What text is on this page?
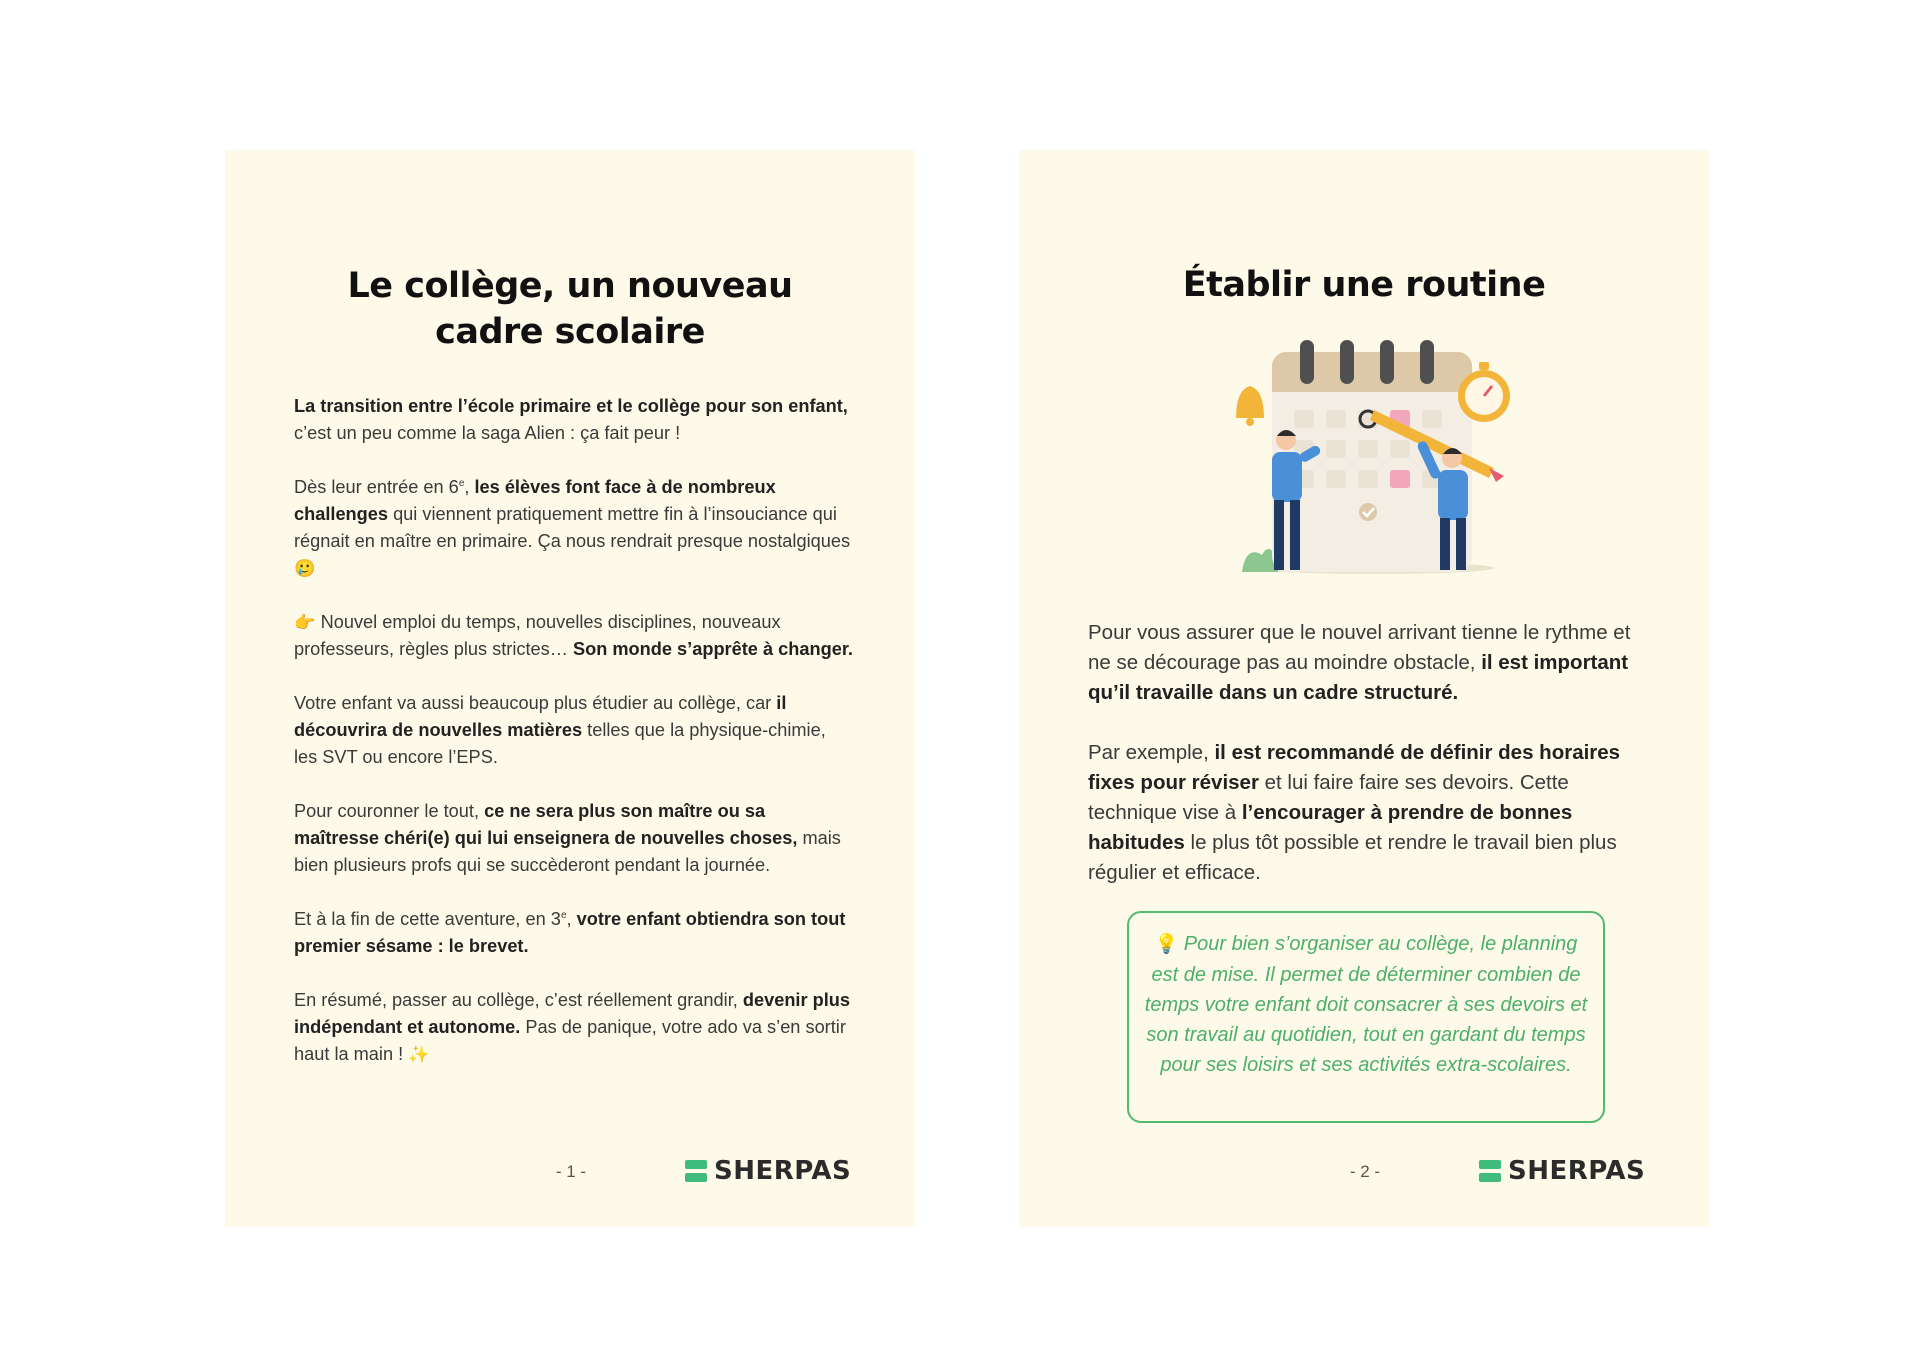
Le collège, un nouveau cadre scolaire

La transition entre l’école primaire et le collège pour son enfant, c’est un peu comme la saga Alien : ça fait peur !

Dès leur entrée en 6e, les élèves font face à de nombreux challenges qui viennent pratiquement mettre fin à l’insouciance qui régnait en maître en primaire. Ça nous rendrait presque nostalgiques 🥲

👉 Nouvel emploi du temps, nouvelles disciplines, nouveaux professeurs, règles plus strictes… Son monde s’apprête à changer.

Votre enfant va aussi beaucoup plus étudier au collège, car il découvrira de nouvelles matières telles que la physique-chimie, les SVT ou encore l’EPS.

Pour couronner le tout, ce ne sera plus son maître ou sa maîtresse chéri(e) qui lui enseignera de nouvelles choses, mais bien plusieurs profs qui se succèderont pendant la journée.

Et à la fin de cette aventure, en 3e, votre enfant obtiendra son tout premier sésame : le brevet.

En résumé, passer au collège, c’est réellement grandir, devenir plus indépendant et autonome. Pas de panique, votre ado va s’en sortir haut la main ! ✨

- 1 -	SHERPAS
Établir une routine

Pour vous assurer que le nouvel arrivant tienne le rythme et ne se décourage pas au moindre obstacle, il est important qu’il travaille dans un cadre structuré.

Par exemple, il est recommandé de définir des horaires fixes pour réviser et lui faire faire ses devoirs. Cette technique vise à l’encourager à prendre de bonnes habitudes le plus tôt possible et rendre le travail bien plus régulier et efficace.

💡 Pour bien s’organiser au collège, le planning est de mise. Il permet de déterminer combien de temps votre enfant doit consacrer à ses devoirs et son travail au quotidien, tout en gardant du temps pour ses loisirs et ses activités extra-scolaires.
- 2 -	SHERPAS
